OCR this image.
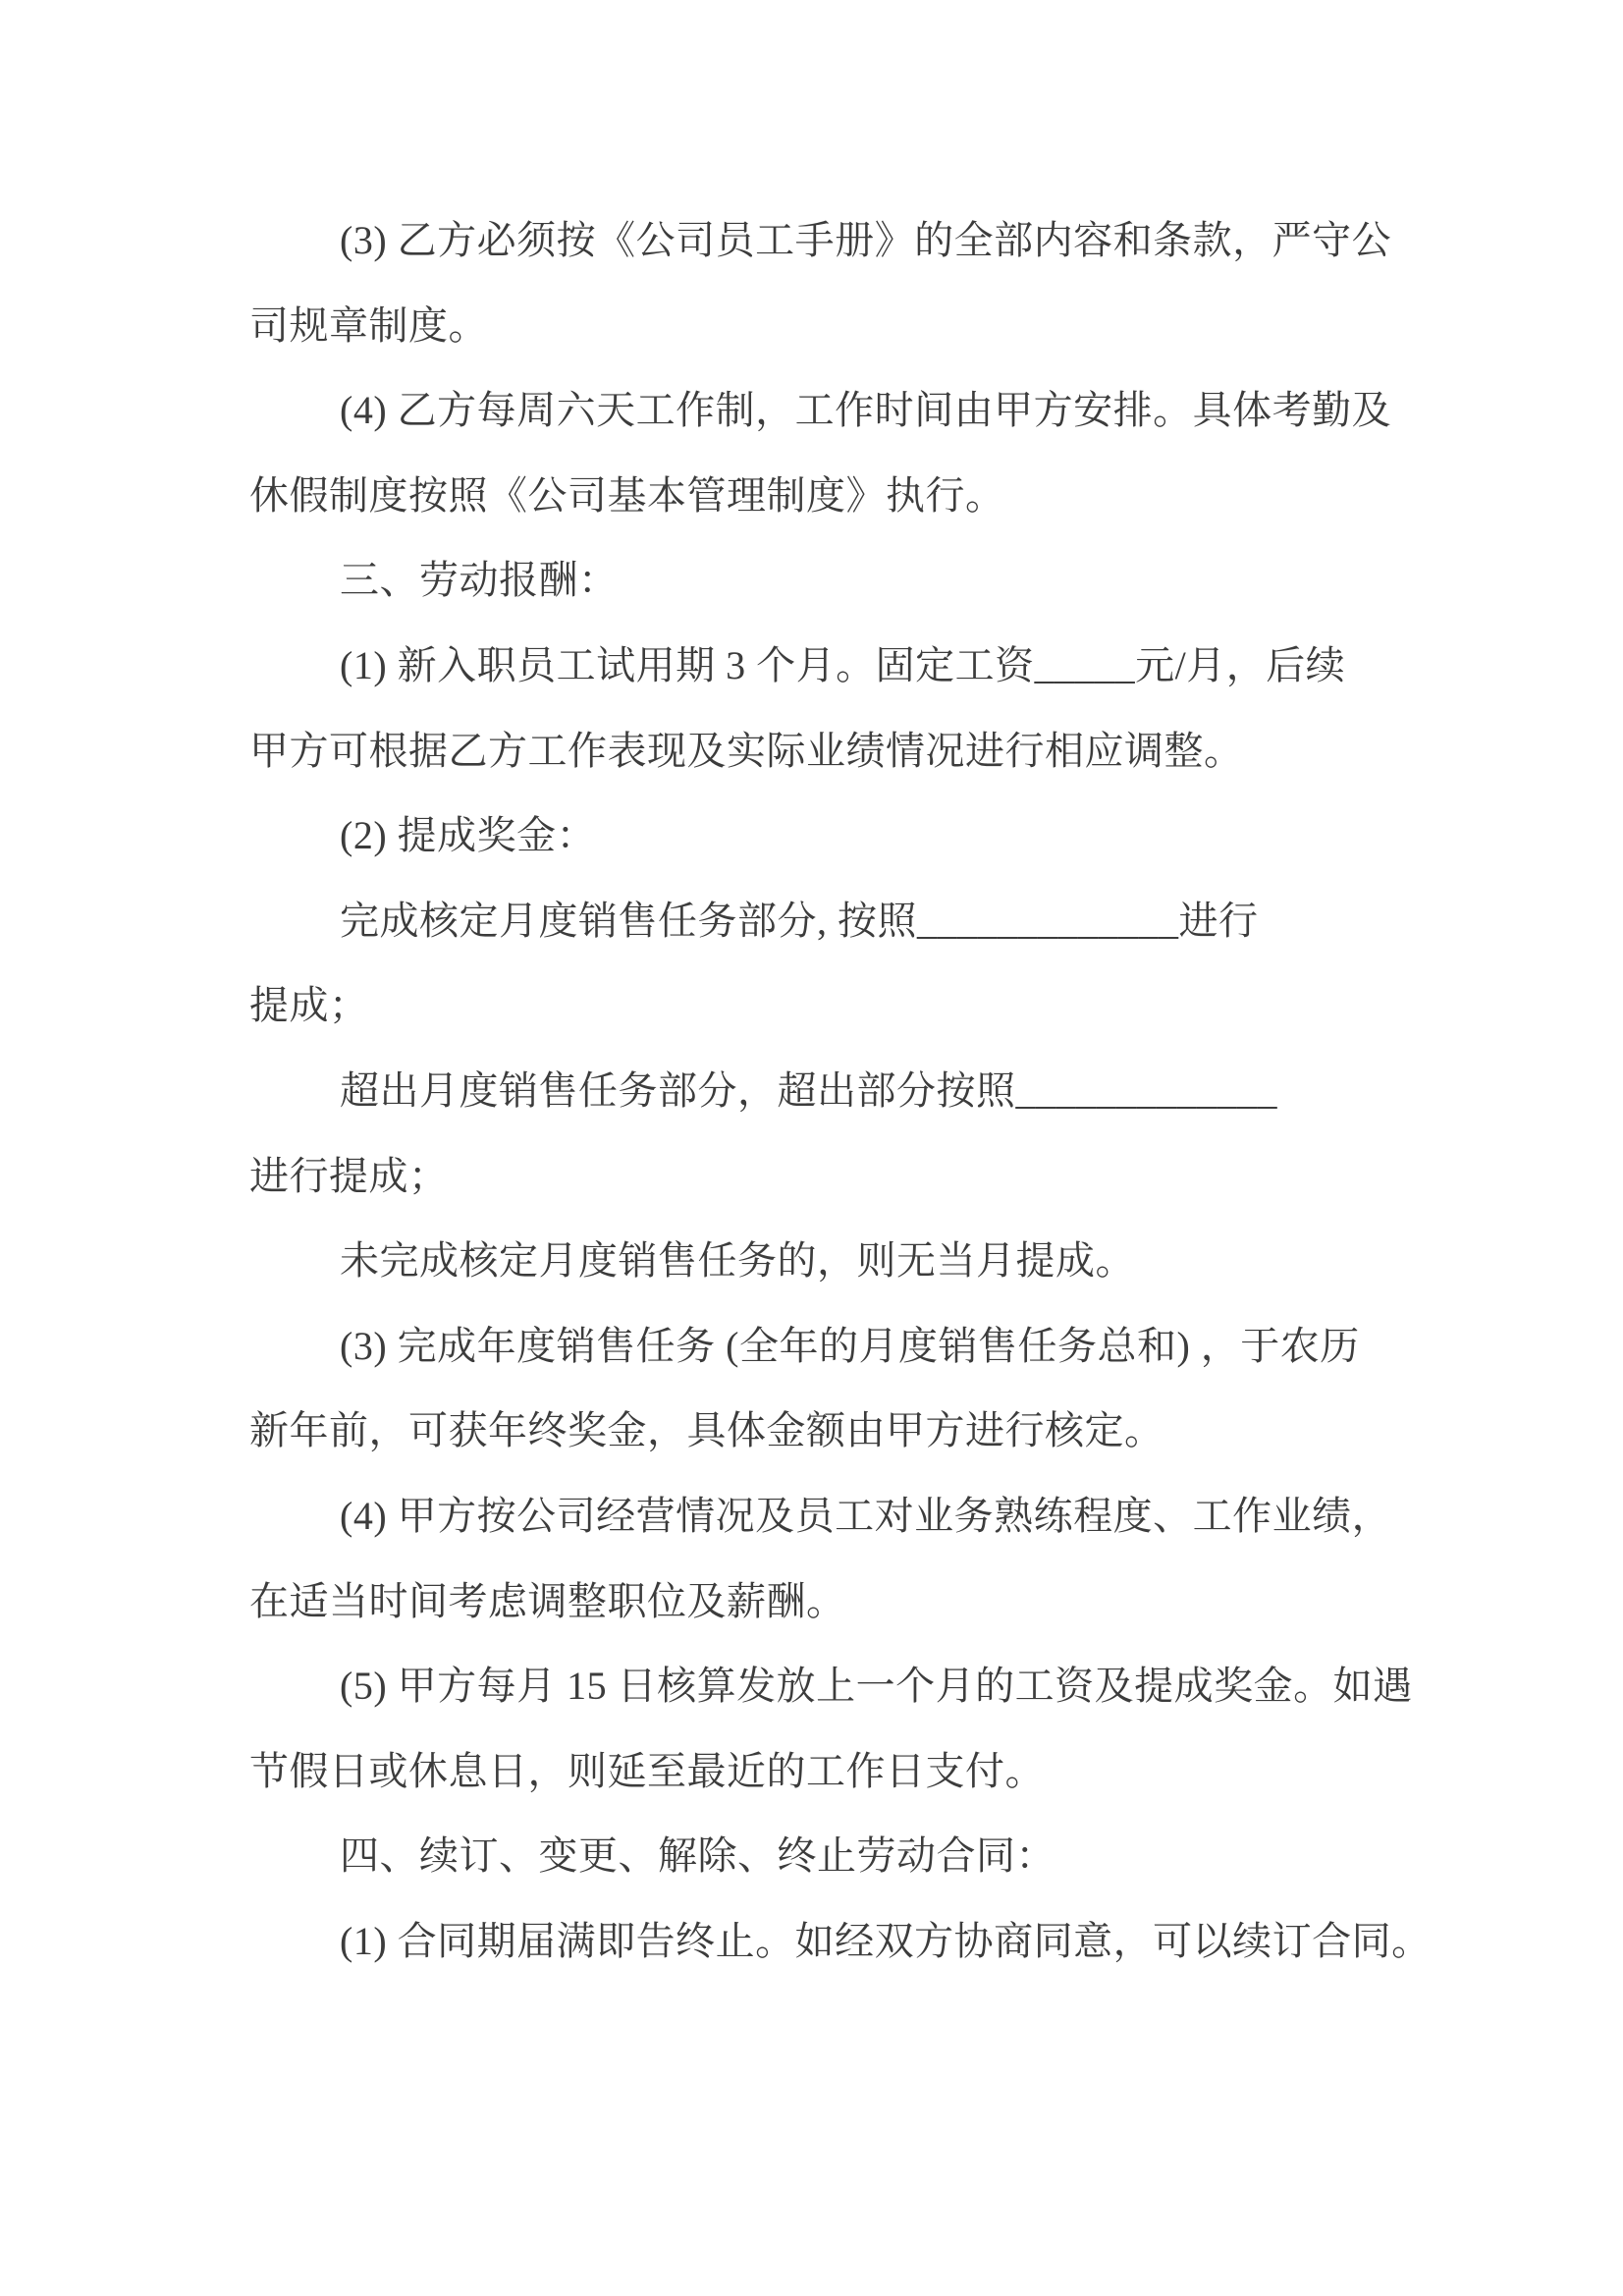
(3) 乙方必须按《公司员工手册》的全部内容和条款，严守公
司规章制度。
(4) 乙方每周六天工作制，工作时间由甲方安排。具体考勤及
休假制度按照《公司基本管理制度》执行。
三、劳动报酬：
(1) 新入职员工试用期 3 个月。固定工资_____元/月，后续
甲方可根据乙方工作表现及实际业绩情况进行相应调整。
(2) 提成奖金：
完成核定月度销售任务部分, 按照_____________进行
提成；
超出月度销售任务部分，超出部分按照_____________
进行提成；
未完成核定月度销售任务的，则无当月提成。
(3) 完成年度销售任务 (全年的月度销售任务总和) ，于农历
新年前，可获年终奖金，具体金额由甲方进行核定。
(4) 甲方按公司经营情况及员工对业务熟练程度、工作业绩，
在适当时间考虑调整职位及薪酬。
(5) 甲方每月 15 日核算发放上一个月的工资及提成奖金。如遇
节假日或休息日，则延至最近的工作日支付。
四、续订、变更、解除、终止劳动合同：
(1) 合同期届满即告终止。如经双方协商同意，可以续订合同。
